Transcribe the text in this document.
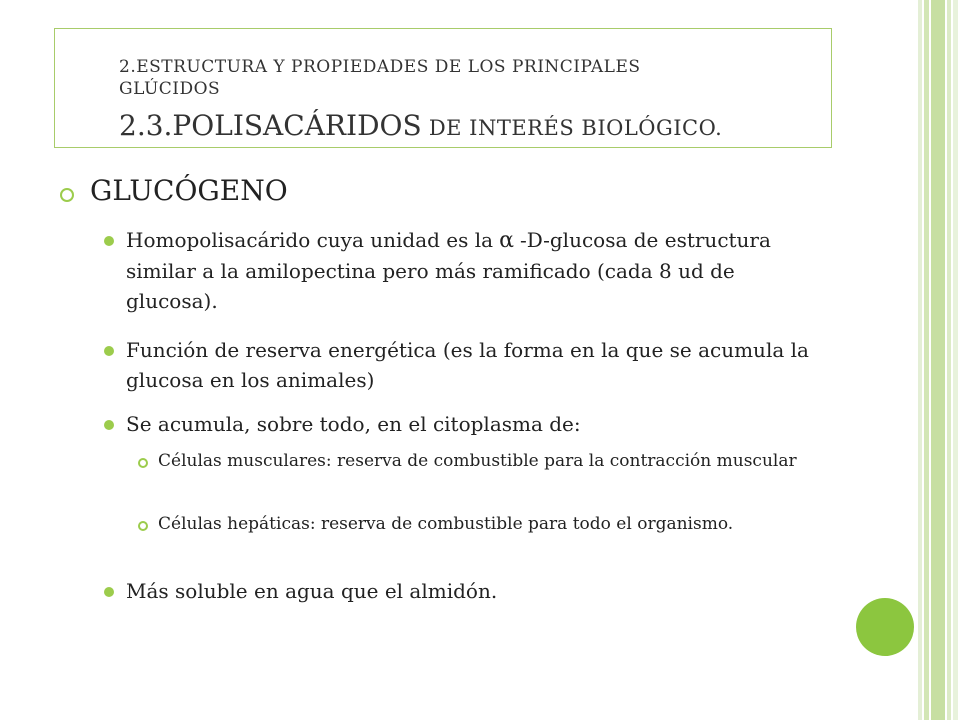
2.ESTRUCTURA Y PROPIEDADES DE LOS PRINCIPALES
GLÚCIDOS
2.3.POLISACÁRIDOS DE INTERÉS BIOLÓGICO.
GLUCÓGENO
Homopolisacárido cuya unidad es la α -D-glucosa de estructura similar a la amilopectina pero más ramificado (cada 8 ud de glucosa).
Función de reserva energética (es la forma en la que se acumula la glucosa en los animales)
Se acumula, sobre todo, en el citoplasma de:
Células musculares: reserva de combustible para la contracción muscular
Células hepáticas: reserva de combustible para todo el organismo.
Más soluble en agua que el almidón.
